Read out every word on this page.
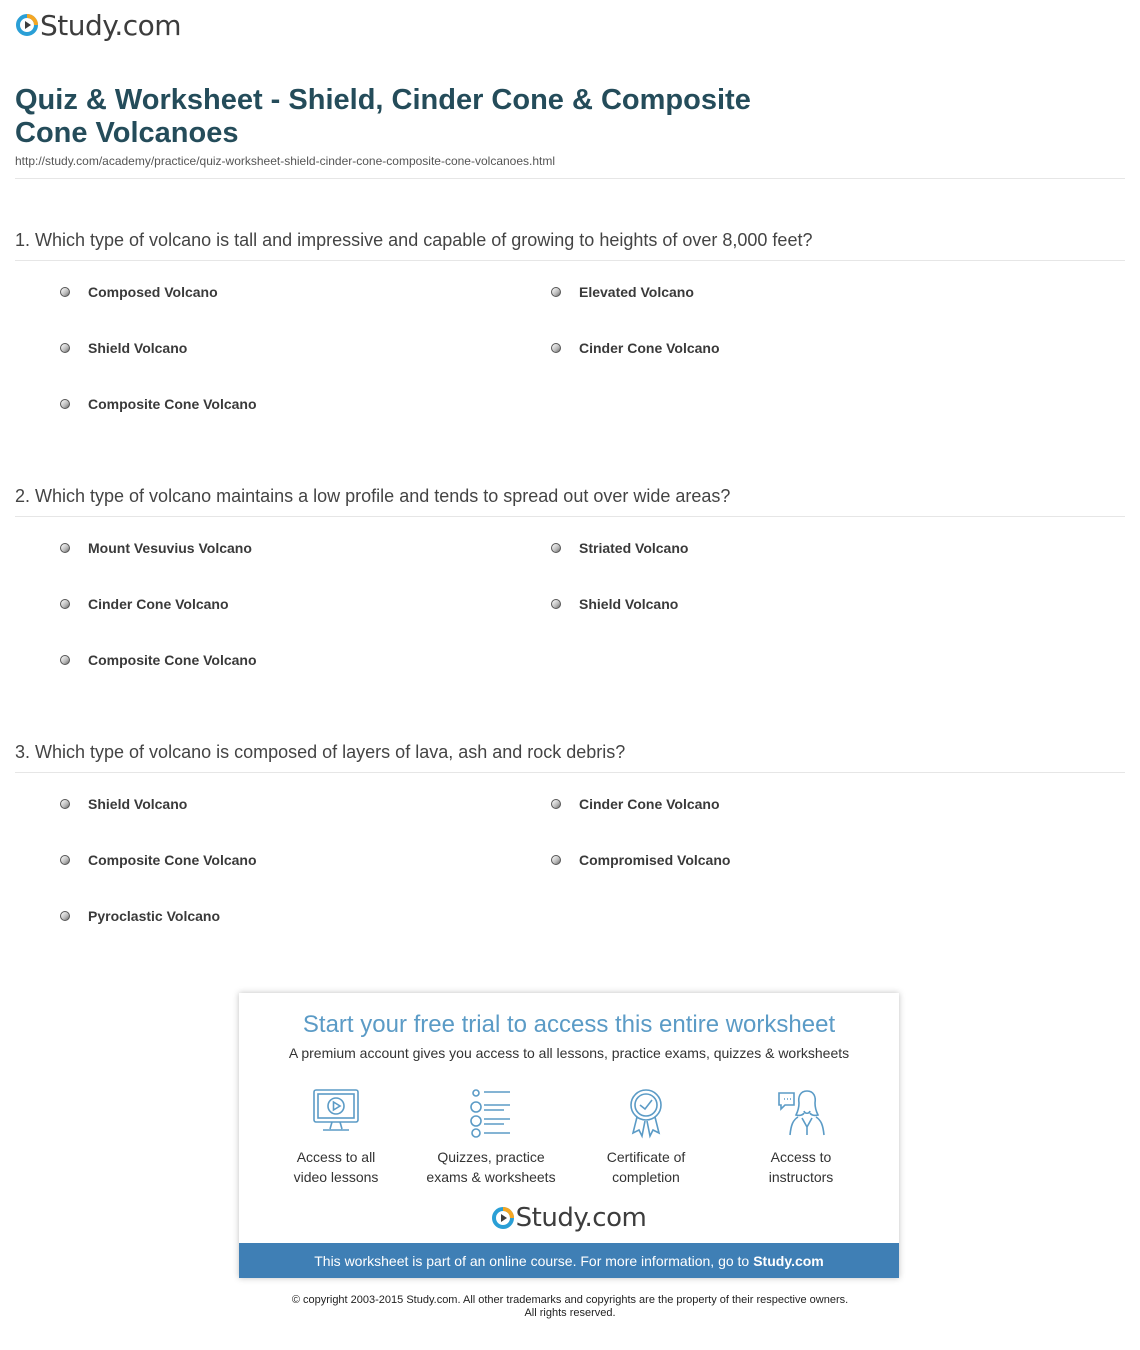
Study.com
Quiz & Worksheet - Shield, Cinder Cone & Composite Cone Volcanoes
http://study.com/academy/practice/quiz-worksheet-shield-cinder-cone-composite-cone-volcanoes.html
1. Which type of volcano is tall and impressive and capable of growing to heights of over 8,000 feet?
Composed Volcano	Elevated Volcano
Shield Volcano	Cinder Cone Volcano
Composite Cone Volcano
2. Which type of volcano maintains a low profile and tends to spread out over wide areas?
Mount Vesuvius Volcano	Striated Volcano
Cinder Cone Volcano	Shield Volcano
Composite Cone Volcano
3. Which type of volcano is composed of layers of lava, ash and rock debris?
Shield Volcano	Cinder Cone Volcano
Composite Cone Volcano	Compromised Volcano
Pyroclastic Volcano
Start your free trial to access this entire worksheet
A premium account gives you access to all lessons, practice exams, quizzes & worksheets
Access to all
video lessons
Quizzes, practice
exams & worksheets
Certificate of
completion
Access to
instructors
Study.com
This worksheet is part of an online course. For more information, go to Study.com
© copyright 2003-2015 Study.com. All other trademarks and copyrights are the property of their respective owners.
All rights reserved.
